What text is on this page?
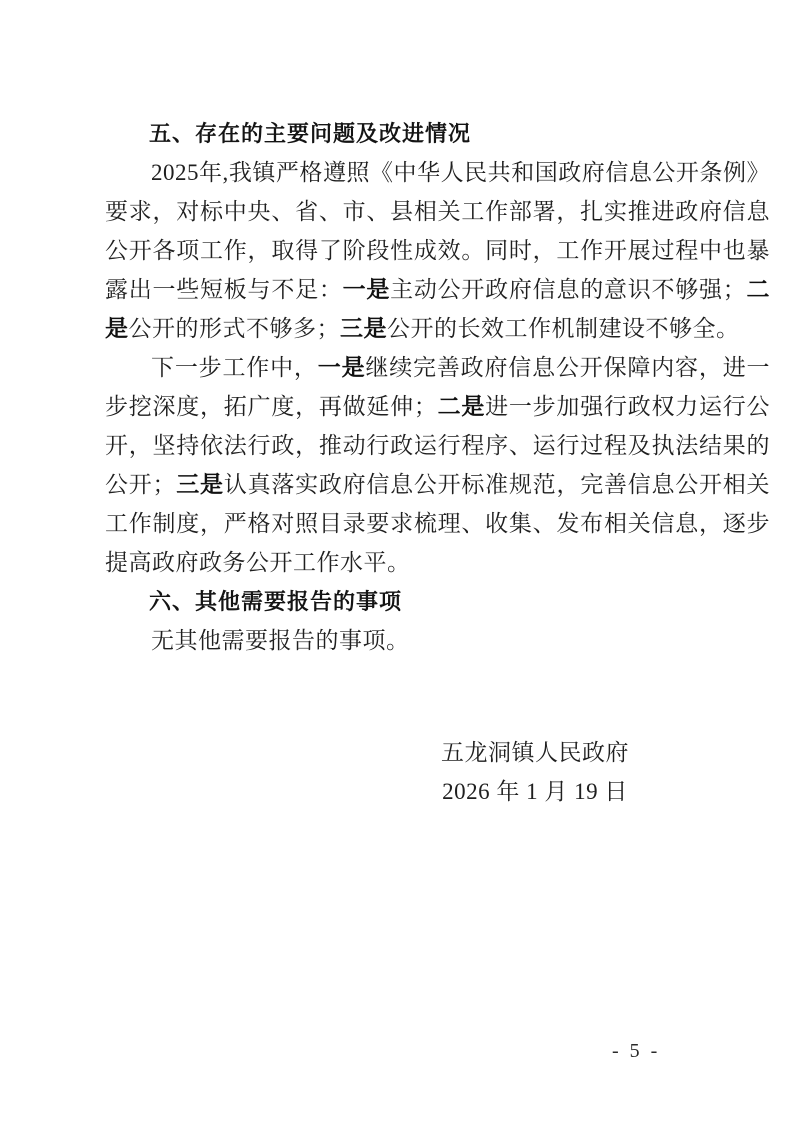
五、存在的主要问题及改进情况

2025年,我镇严格遵照《中华人民共和国政府信息公开条例》要求，对标中央、省、市、县相关工作部署，扎实推进政府信息公开各项工作，取得了阶段性成效。同时，工作开展过程中也暴露出一些短板与不足：一是主动公开政府信息的意识不够强；二是公开的形式不够多；三是公开的长效工作机制建设不够全。

下一步工作中，一是继续完善政府信息公开保障内容，进一步挖深度，拓广度，再做延伸；二是进一步加强行政权力运行公开，坚持依法行政，推动行政运行程序、运行过程及执法结果的公开；三是认真落实政府信息公开标准规范，完善信息公开相关工作制度，严格对照目录要求梳理、收集、发布相关信息，逐步提高政府政务公开工作水平。

六、其他需要报告的事项

无其他需要报告的事项。

五龙洞镇人民政府
2026 年 1 月 19 日
- 5 -
